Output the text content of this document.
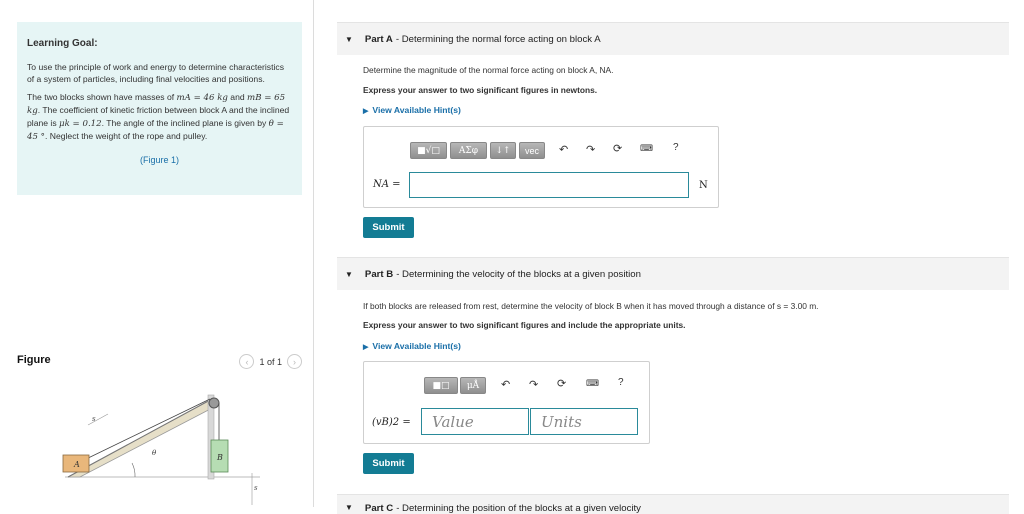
Learning Goal:

To use the principle of work and energy to determine characteristics of a system of particles, including final velocities and positions.

The two blocks shown have masses of mA = 46 kg and mB = 65 kg. The coefficient of kinetic friction between block A and the inclined plane is μk = 0.12. The angle of the inclined plane is given by θ = 45 °. Neglect the weight of the rope and pulley.

(Figure 1)
Figure	‹	1 of 1	›
A
B
s
θ
s
▼ Part A - Determining the normal force acting on block A
Determine the magnitude of the normal force acting on block A, NA.
Express your answer to two significant figures in newtons.
▶ View Available Hint(s)
■√□	AΣφ	↓↑	vec	↶ ↷ ⟳ ⌨ ?
NA =	N
Submit
▼ Part B - Determining the velocity of the blocks at a given position
If both blocks are released from rest, determine the velocity of block B when it has moved through a distance of s = 3.00 m.
Express your answer to two significant figures and include the appropriate units.
▶ View Available Hint(s)
■□	μÅ	↶ ↷ ⟳ ⌨ ?
(vB)2 =	Value	Units
Submit
▼ Part C - Determining the position of the blocks at a given velocity
